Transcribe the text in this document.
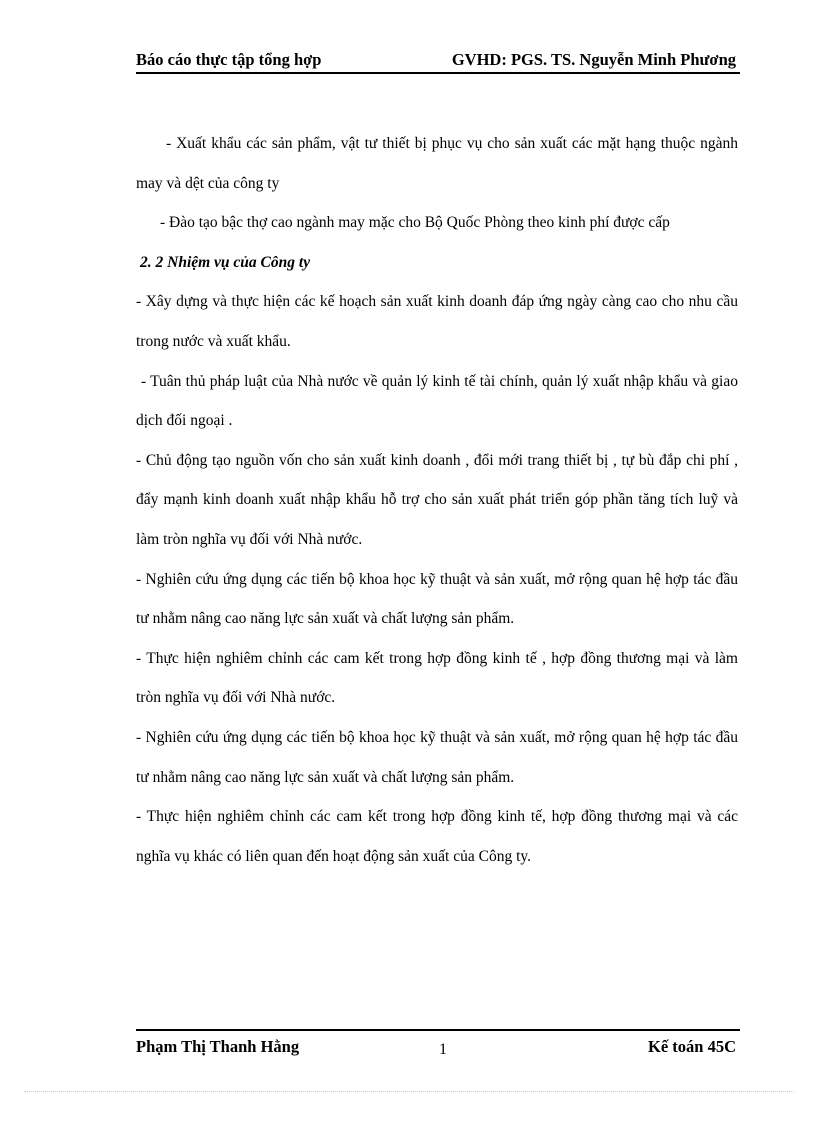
Báo cáo thực tập tổng hợp	GVHD: PGS. TS. Nguyễn Minh Phương

- Xuất khẩu các sản phẩm, vật tư thiết bị phục vụ cho sản xuất các mặt hạng thuộc ngành may và dệt của công ty

- Đào tạo bậc thợ cao ngành may mặc cho Bộ Quốc Phòng theo kinh phí được cấp

2. 2 Nhiệm vụ của Công ty

- Xây dựng và thực hiện các kế hoạch sản xuất kinh doanh đáp ứng ngày càng cao cho nhu cầu trong nước và xuất khẩu.

- Tuân thủ pháp luật của Nhà nước về quản lý kinh tế tài chính, quản lý xuất nhập khẩu và giao dịch đối ngoại .

- Chủ động tạo nguồn vốn cho sản xuất kinh doanh , đổi mới trang thiết bị , tự bù đắp chi phí , đẩy mạnh kinh doanh xuất nhập khẩu hỗ trợ cho sản xuất phát triển góp phần tăng tích luỹ và làm tròn nghĩa vụ đối với Nhà nước.

- Nghiên cứu ứng dụng các tiến bộ khoa học kỹ thuật và sản xuất, mở rộng quan hệ hợp tác đầu tư nhằm nâng cao năng lực sản xuất và chất lượng sản phẩm.

- Thực hiện nghiêm chỉnh các cam kết trong hợp đồng kinh tế , hợp đồng thương mại và làm tròn nghĩa vụ đối với Nhà nước.

- Nghiên cứu ứng dụng các tiến bộ khoa học kỹ thuật và sản xuất, mở rộng quan hệ hợp tác đầu tư nhằm nâng cao năng lực sản xuất và chất lượng sản phẩm.

- Thực hiện nghiêm chỉnh các cam kết trong hợp đồng kinh tế, hợp đồng thương mại và các nghĩa vụ khác có liên quan đến hoạt động sản xuất của Công ty.

Phạm Thị Thanh Hằng	1	Kế toán 45C
